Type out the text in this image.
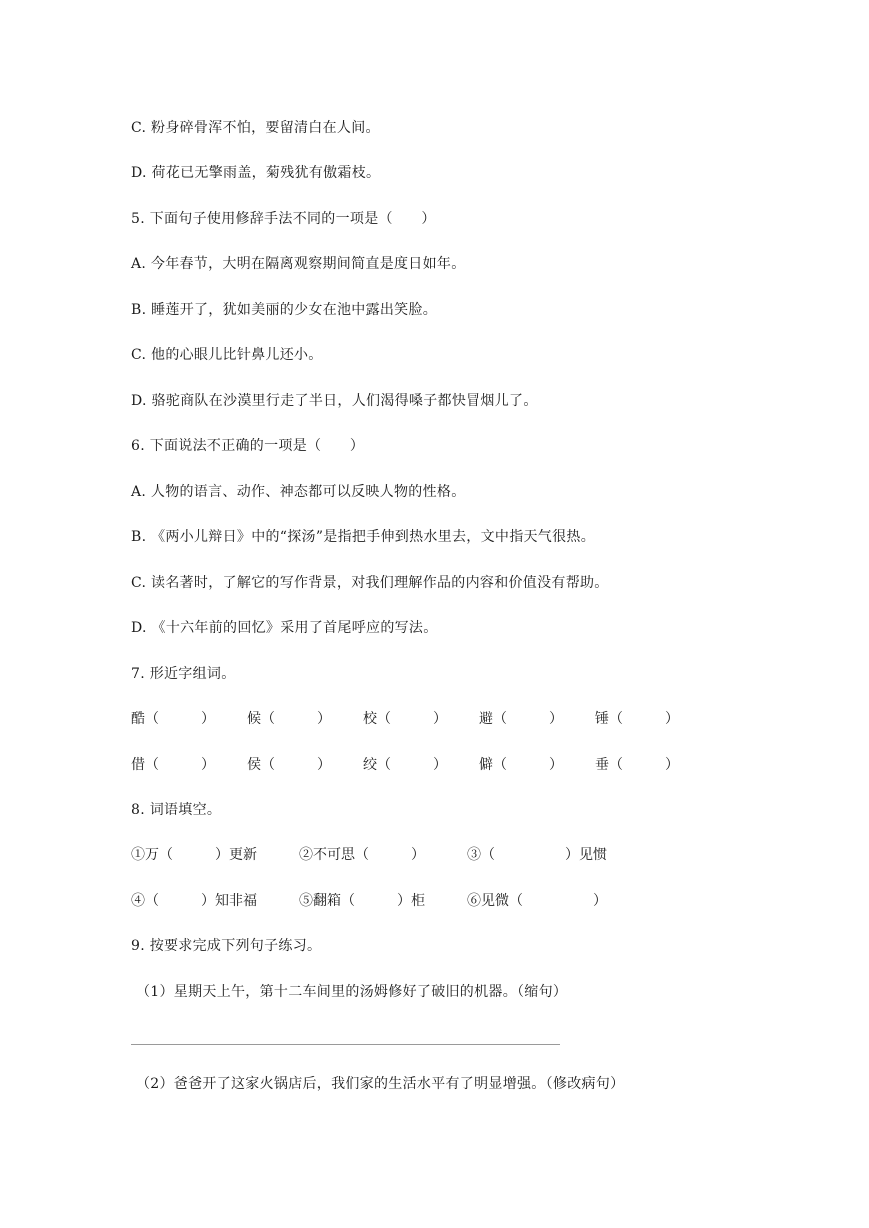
C. 粉身碎骨浑不怕，要留清白在人间。
D. 荷花已无擎雨盖，菊残犹有傲霜枝。
5. 下面句子使用修辞手法不同的一项是（　　）
A. 今年春节，大明在隔离观察期间简直是度日如年。
B. 睡莲开了，犹如美丽的少女在池中露出笑脸。
C. 他的心眼儿比针鼻儿还小。
D. 骆驼商队在沙漠里行走了半日，人们渴得嗓子都快冒烟儿了。
6. 下面说法不正确的一项是（　　）
A. 人物的语言、动作、神态都可以反映人物的性格。
B. 《两小儿辩日》中的“探汤”是指把手伸到热水里去，文中指天气很热。
C. 读名著时，了解它的写作背景，对我们理解作品的内容和价值没有帮助。
D. 《十六年前的回忆》采用了首尾呼应的写法。
7. 形近字组词。
酷（　　　） 候（　　　） 校（　　　） 避（　　　） 锤（　　　）
借（　　　） 侯（　　　） 绞（　　　） 僻（　　　） 垂（　　　）
8. 词语填空。
①万（　　　）更新	②不可思（　　　）	③（　　　　　）见惯
④（　　　）知非福	⑤翻箱（　　　）柜	⑥见微（　　　　　）
9. 按要求完成下列句子练习。
（1）星期天上午，第十二车间里的汤姆修好了破旧的机器。（缩句）
（2）爸爸开了这家火锅店后，我们家的生活水平有了明显增强。（修改病句）
